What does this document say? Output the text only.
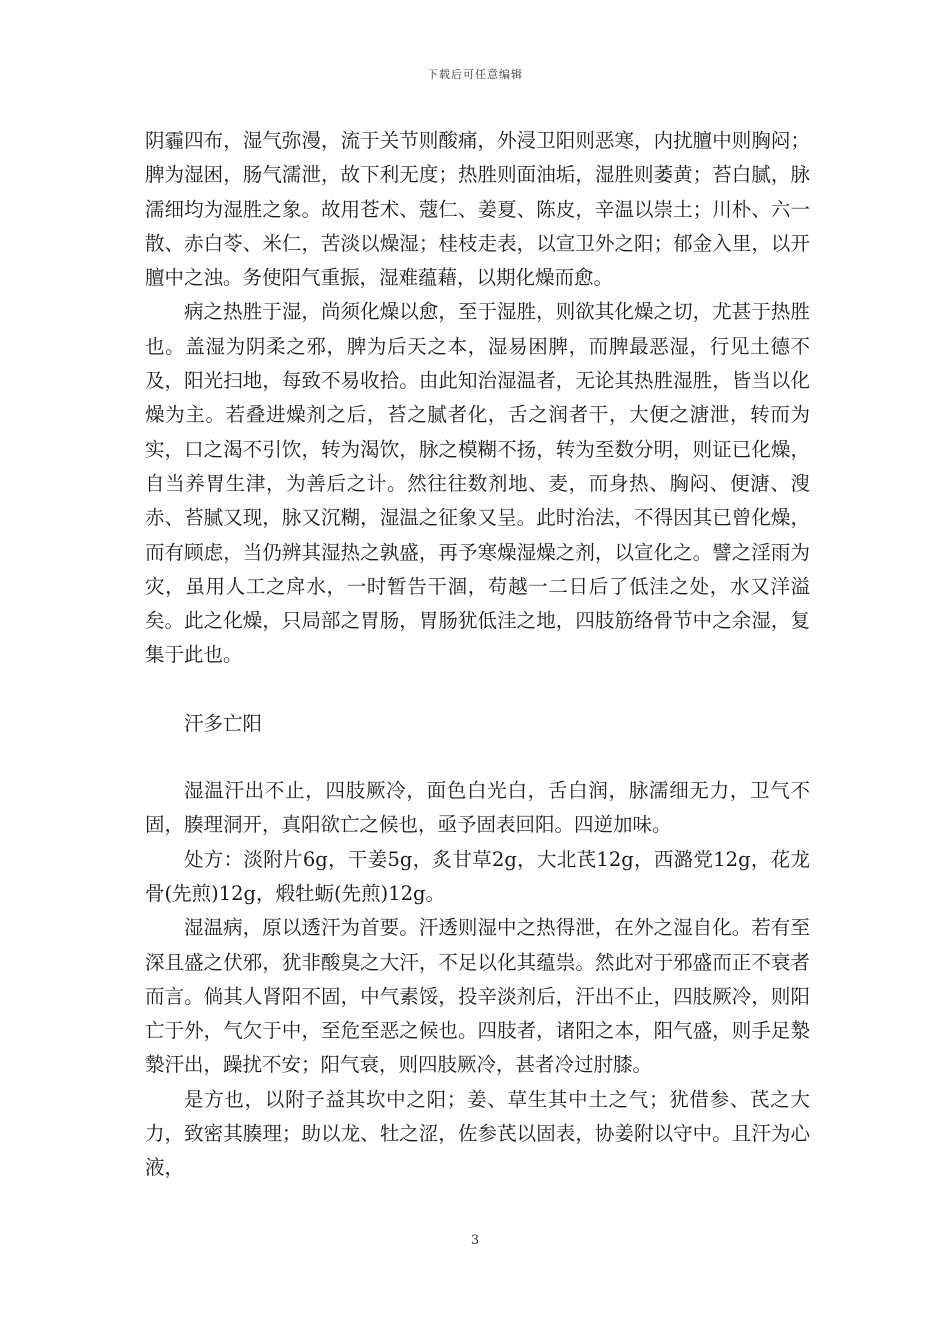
下载后可任意编辑

阴霾四布，湿气弥漫，流于关节则酸痛，外浸卫阳则恶寒，内扰膻中则胸闷；脾为湿困，肠气濡泄，故下利无度；热胜则面油垢，湿胜则萎黄；苔白腻，脉濡细均为湿胜之象。故用苍术、蔻仁、姜夏、陈皮，辛温以崇土；川朴、六一散、赤白苓、米仁，苦淡以燥湿；桂枝走表，以宣卫外之阳；郁金入里，以开膻中之浊。务使阳气重振，湿难蕴藉，以期化燥而愈。

病之热胜于湿，尚须化燥以愈，至于湿胜，则欲其化燥之切，尤甚于热胜也。盖湿为阴柔之邪，脾为后天之本，湿易困脾，而脾最恶湿，行见土德不及，阳光扫地，每致不易收拾。由此知治湿温者，无论其热胜湿胜，皆当以化燥为主。若叠进燥剂之后，苔之腻者化，舌之润者干，大便之溏泄，转而为实，口之渴不引饮，转为渴饮，脉之模糊不扬，转为至数分明，则证已化燥，自当养胃生津，为善后之计。然往往数剂地、麦，而身热、胸闷、便溏、溲赤、苔腻又现，脉又沉糊，湿温之征象又呈。此时治法，不得因其已曾化燥，而有顾虑，当仍辨其湿热之孰盛，再予寒燥湿燥之剂，以宣化之。譬之淫雨为灾，虽用人工之戽水，一时暂告干涸，苟越一二日后了低洼之处，水又洋溢矣。此之化燥，只局部之胃肠，胃肠犹低洼之地，四肢筋络骨节中之余湿，复集于此也。

汗多亡阳

湿温汗出不止，四肢厥冷，面色白光白，舌白润，脉濡细无力，卫气不固，腠理洞开，真阳欲亡之候也，亟予固表回阳。四逆加味。

处方：淡附片6g，干姜5g，炙甘草2g，大北芪12g，西潞党12g，花龙骨(先煎)12g，煅牡蛎(先煎)12g。

湿温病，原以透汗为首要。汗透则湿中之热得泄，在外之湿自化。若有至深且盛之伏邪，犹非酸臭之大汗，不足以化其蕴祟。然此对于邪盛而正不衰者而言。倘其人肾阳不固，中气素馁，投辛淡剂后，汗出不止，四肢厥冷，则阳亡于外，气欠于中，至危至恶之候也。四肢者，诸阳之本，阳气盛，则手足漐漐汗出，躁扰不安；阳气衰，则四肢厥冷，甚者冷过肘膝。

是方也，以附子益其坎中之阳；姜、草生其中土之气；犹借参、芪之大力，致密其腠理；助以龙、牡之涩，佐参芪以固表，协姜附以守中。且汗为心液，

3
